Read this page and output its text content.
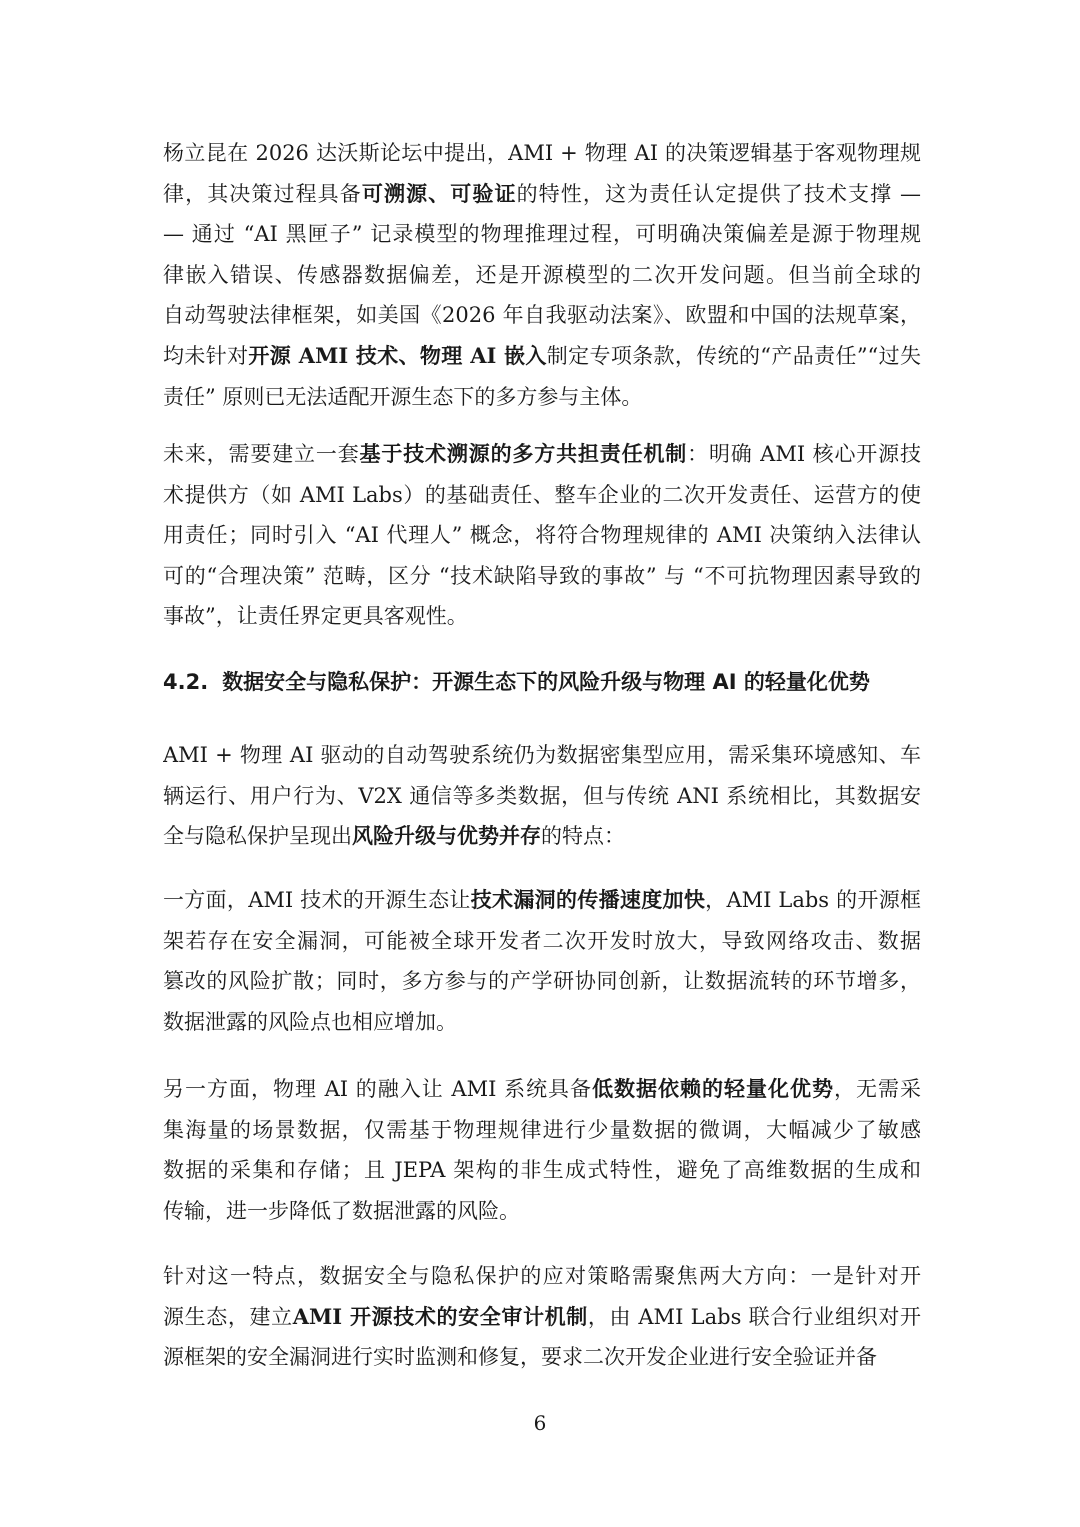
杨立昆在 2026 达沃斯论坛中提出，AMI + 物理 AI 的决策逻辑基于客观物理规
律，其决策过程具备可溯源、可验证的特性，这为责任认定提供了技术支撑 —
— 通过 “AI 黑匣子” 记录模型的物理推理过程，可明确决策偏差是源于物理规
律嵌入错误、传感器数据偏差，还是开源模型的二次开发问题。但当前全球的
自动驾驶法律框架，如美国《2026 年自我驱动法案》、欧盟和中国的法规草案，
均未针对开源 AMI 技术、物理 AI 嵌入制定专项条款，传统的“产品责任”“过失
责任” 原则已无法适配开源生态下的多方参与主体。
未来，需要建立一套基于技术溯源的多方共担责任机制：明确 AMI 核心开源技
术提供方（如 AMI Labs）的基础责任、整车企业的二次开发责任、运营方的使
用责任；同时引入 “AI 代理人” 概念，将符合物理规律的 AMI 决策纳入法律认
可的“合理决策” 范畴，区分 “技术缺陷导致的事故” 与 “不可抗物理因素导致的
事故”，让责任界定更具客观性。
4.2. 数据安全与隐私保护：开源生态下的风险升级与物理 AI 的轻量化优势
AMI + 物理 AI 驱动的自动驾驶系统仍为数据密集型应用，需采集环境感知、车
辆运行、用户行为、V2X 通信等多类数据，但与传统 ANI 系统相比，其数据安
全与隐私保护呈现出风险升级与优势并存的特点：
一方面，AMI 技术的开源生态让技术漏洞的传播速度加快，AMI Labs 的开源框
架若存在安全漏洞，可能被全球开发者二次开发时放大，导致网络攻击、数据
篡改的风险扩散；同时，多方参与的产学研协同创新，让数据流转的环节增多，
数据泄露的风险点也相应增加。
另一方面，物理 AI 的融入让 AMI 系统具备低数据依赖的轻量化优势，无需采
集海量的场景数据，仅需基于物理规律进行少量数据的微调，大幅减少了敏感
数据的采集和存储；且 JEPA 架构的非生成式特性，避免了高维数据的生成和
传输，进一步降低了数据泄露的风险。
针对这一特点，数据安全与隐私保护的应对策略需聚焦两大方向：一是针对开
源生态，建立AMI 开源技术的安全审计机制，由 AMI Labs 联合行业组织对开
源框架的安全漏洞进行实时监测和修复，要求二次开发企业进行安全验证并备
6
